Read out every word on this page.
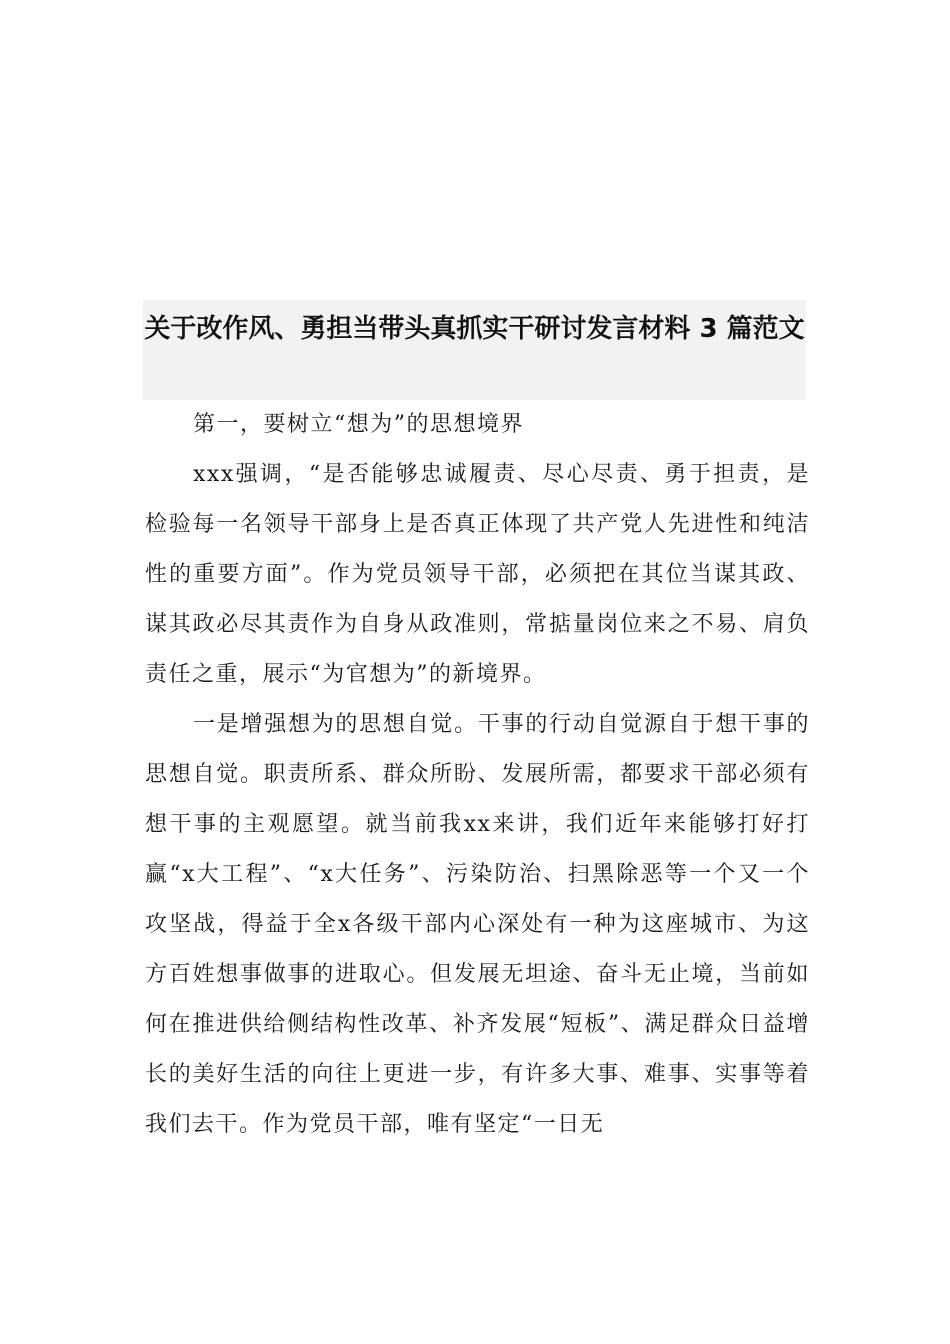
关于改作风、勇担当带头真抓实干研讨发言材料 3 篇范文

第一，要树立“想为”的思想境界

xxx强调，“是否能够忠诚履责、尽心尽责、勇于担责，是检验每一名领导干部身上是否真正体现了共产党人先进性和纯洁性的重要方面”。作为党员领导干部，必须把在其位当谋其政、谋其政必尽其责作为自身从政准则，常掂量岗位来之不易、肩负责任之重，展示“为官想为”的新境界。

一是增强想为的思想自觉。干事的行动自觉源自于想干事的思想自觉。职责所系、群众所盼、发展所需，都要求干部必须有想干事的主观愿望。就当前我xx来讲，我们近年来能够打好打赢“x大工程”、“x大任务”、污染防治、扫黑除恶等一个又一个攻坚战，得益于全x各级干部内心深处有一种为这座城市、为这方百姓想事做事的进取心。但发展无坦途、奋斗无止境，当前如何在推进供给侧结构性改革、补齐发展“短板”、满足群众日益增长的美好生活的向往上更进一步，有许多大事、难事、实事等着我们去干。作为党员干部，唯有坚定“一日无
